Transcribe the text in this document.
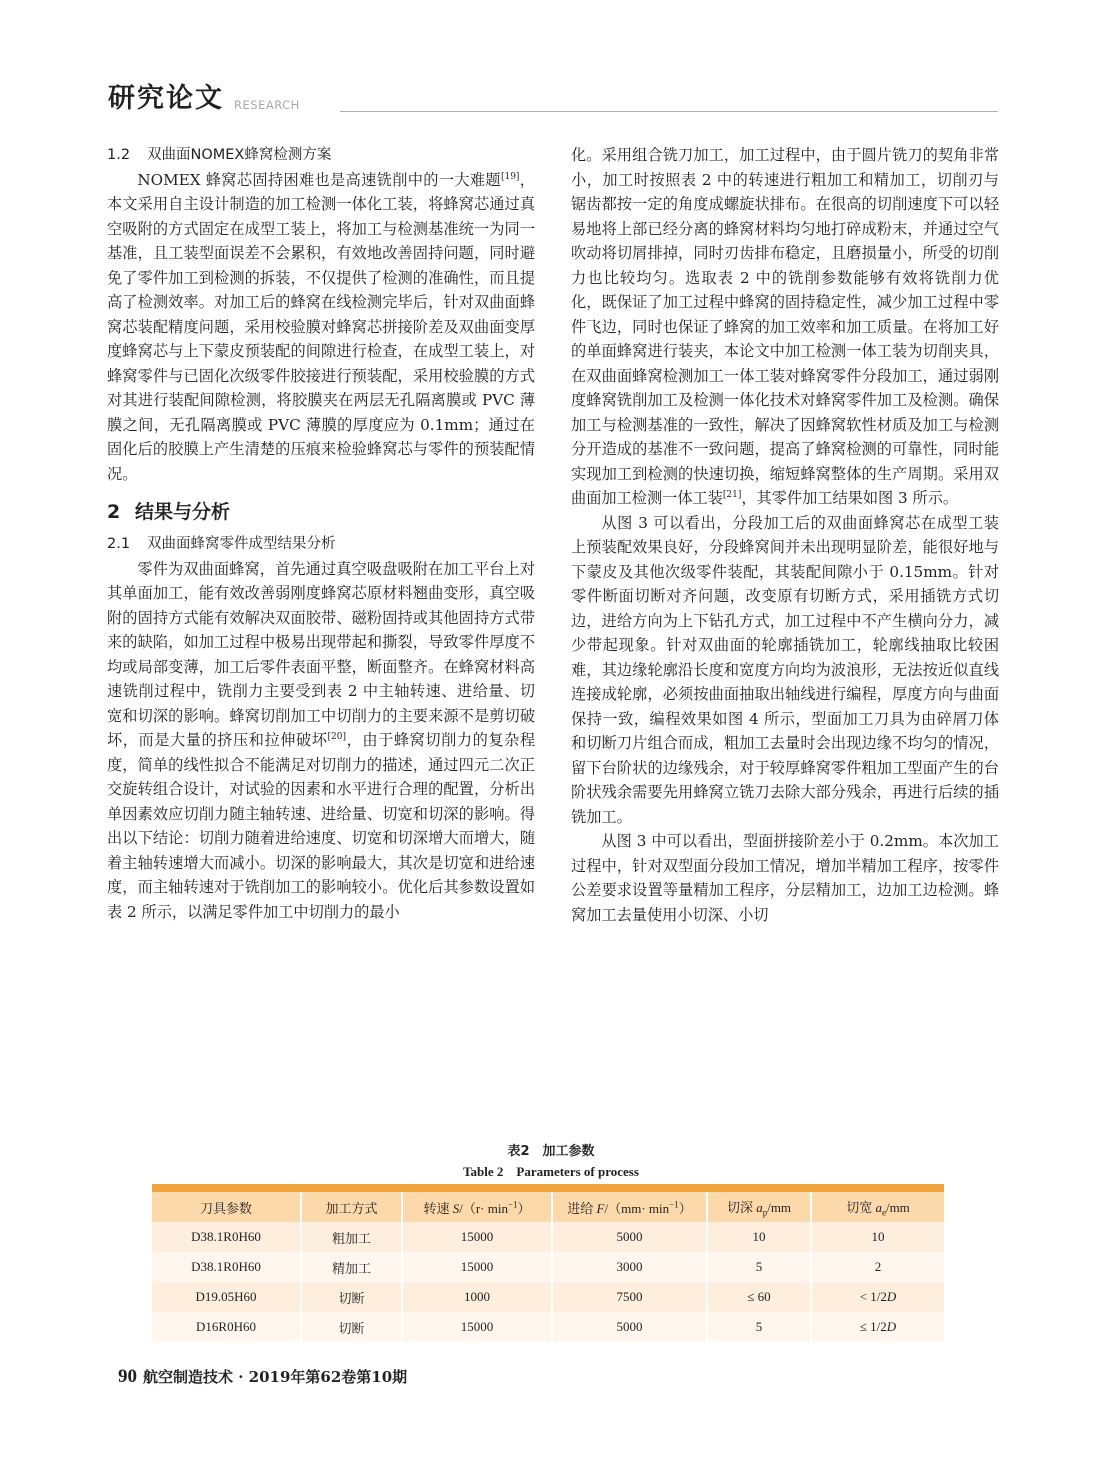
研究论文 RESEARCH
1.2 双曲面NOMEX蜂窝检测方案

NOMEX 蜂窝芯固持困难也是高速铣削中的一大难题[19]，本文采用自主设计制造的加工检测一体化工装，将蜂窝芯通过真空吸附的方式固定在成型工装上，将加工与检测基准统一为同一基准，且工装型面误差不会累积，有效地改善固持问题，同时避免了零件加工到检测的拆装，不仅提供了检测的准确性，而且提高了检测效率。对加工后的蜂窝在线检测完毕后，针对双曲面蜂窝芯装配精度问题，采用校验膜对蜂窝芯拼接阶差及双曲面变厚度蜂窝芯与上下蒙皮预装配的间隙进行检查，在成型工装上，对蜂窝零件与已固化次级零件胶接进行预装配，采用校验膜的方式对其进行装配间隙检测，将胶膜夹在两层无孔隔离膜或 PVC 薄膜之间，无孔隔离膜或 PVC 薄膜的厚度应为 0.1mm；通过在固化后的胶膜上产生清楚的压痕来检验蜂窝芯与零件的预装配情况。

2 结果与分析
2.1 双曲面蜂窝零件成型结果分析

零件为双曲面蜂窝，首先通过真空吸盘吸附在加工平台上对其单面加工，能有效改善弱刚度蜂窝芯原材料翘曲变形，真空吸附的固持方式能有效解决双面胶带、磁粉固持或其他固持方式带来的缺陷，如加工过程中极易出现带起和撕裂，导致零件厚度不均或局部变薄，加工后零件表面平整，断面整齐。在蜂窝材料高速铣削过程中，铣削力主要受到表 2 中主轴转速、进给量、切宽和切深的影响。蜂窝切削加工中切削力的主要来源不是剪切破坏，而是大量的挤压和拉伸破坏[20]，由于蜂窝切削力的复杂程度，简单的线性拟合不能满足对切削力的描述，通过四元二次正交旋转组合设计，对试验的因素和水平进行合理的配置，分析出单因素效应切削力随主轴转速、进给量、切宽和切深的影响。得出以下结论：切削力随着进给速度、切宽和切深增大而增大，随着主轴转速增大而减小。切深的影响最大，其次是切宽和进给速度，而主轴转速对于铣削加工的影响较小。优化后其参数设置如表 2 所示，以满足零件加工中切削力的最小

化。采用组合铣刀加工，加工过程中，由于圆片铣刀的契角非常小，加工时按照表 2 中的转速进行粗加工和精加工，切削刃与锯齿都按一定的角度成螺旋状排布。在很高的切削速度下可以轻易地将上部已经分离的蜂窝材料均匀地打碎成粉末，并通过空气吹动将切屑排掉，同时刃齿排布稳定，且磨损量小，所受的切削力也比较均匀。选取表 2 中的铣削参数能够有效将铣削力优化，既保证了加工过程中蜂窝的固持稳定性，减少加工过程中零件飞边，同时也保证了蜂窝的加工效率和加工质量。在将加工好的单面蜂窝进行装夹，本论文中加工检测一体工装为切削夹具，在双曲面蜂窝检测加工一体工装对蜂窝零件分段加工，通过弱刚度蜂窝铣削加工及检测一体化技术对蜂窝零件加工及检测。确保加工与检测基准的一致性，解决了因蜂窝软性材质及加工与检测分开造成的基准不一致问题，提高了蜂窝检测的可靠性，同时能实现加工到检测的快速切换，缩短蜂窝整体的生产周期。采用双曲面加工检测一体工装[21]，其零件加工结果如图 3 所示。

从图 3 可以看出，分段加工后的双曲面蜂窝芯在成型工装上预装配效果良好，分段蜂窝间并未出现明显阶差，能很好地与下蒙皮及其他次级零件装配，其装配间隙小于 0.15mm。针对零件断面切断对齐问题，改变原有切断方式，采用插铣方式切边，进给方向为上下钻孔方式，加工过程中不产生横向分力，减少带起现象。针对双曲面的轮廓插铣加工，轮廓线抽取比较困难，其边缘轮廓沿长度和宽度方向均为波浪形，无法按近似直线连接成轮廓，必须按曲面抽取出轴线进行编程，厚度方向与曲面保持一致，编程效果如图 4 所示，型面加工刀具为由碎屑刀体和切断刀片组合而成，粗加工去量时会出现边缘不均匀的情况，留下台阶状的边缘残余，对于较厚蜂窝零件粗加工型面产生的台阶状残余需要先用蜂窝立铣刀去除大部分残余，再进行后续的插铣加工。

从图 3 中可以看出，型面拼接阶差小于 0.2mm。本次加工过程中，针对双型面分段加工情况，增加半精加工程序，按零件公差要求设置等量精加工程序，分层精加工，边加工边检测。蜂窝加工去量使用小切深、小切

表2　加工参数
Table 2　Parameters of process

刀具参数	加工方式	转速 $S/(r\cdot \min^{-1})$	进给 $F/(mm\cdot \min^{-1})$	切深 $a_p/mm$	切宽 $a_e/mm$
D38.1R0H60	粗加工	15000	5000	10	10
D38.1R0H60	精加工	15000	3000	5	2
D19.05H60	切断	1000	7500	≤ 60	< 1/2D
D16R0H60	切断	15000	5000	5	≤ 1/2D
90 航空制造技术 · 2019年第62卷第10期
